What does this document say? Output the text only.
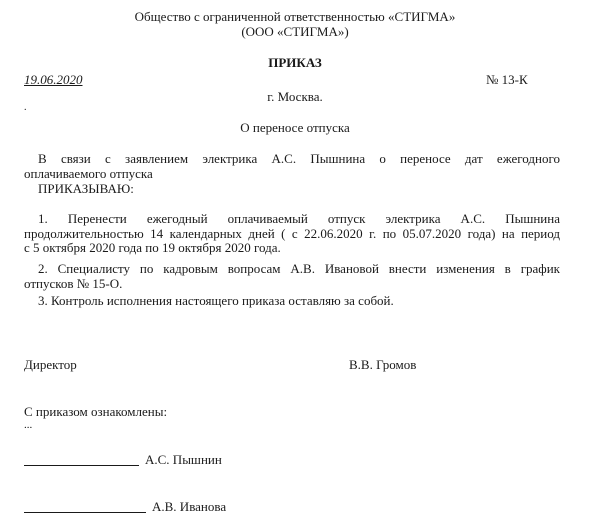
Общество с ограниченной ответственностью «СТИГМА»
(ООО «СТИГМА»)
ПРИКАЗ
19.06.2020	№ 13-К
г. Москва.
.
О переносе отпуска
В связи с заявлением электрика А.С. Пышнина о переносе дат ежегодного
оплачиваемого отпуска
ПРИКАЗЫВАЮ:
1. Перенести ежегодный оплачиваемый отпуск электрика А.С. Пышнина
продолжительностью 14 календарных дней ( с 22.06.2020 г. по 05.07.2020 года) на период
с 5 октября 2020 года по 19 октября 2020 года.
2. Специалисту по кадровым вопросам А.В. Ивановой внести изменения в график
отпусков № 15-О.
3. Контроль исполнения настоящего приказа оставляю за собой.
Директор	В.В. Громов
С приказом ознакомлены:
...
А.С. Пышнин
А.В. Иванова
